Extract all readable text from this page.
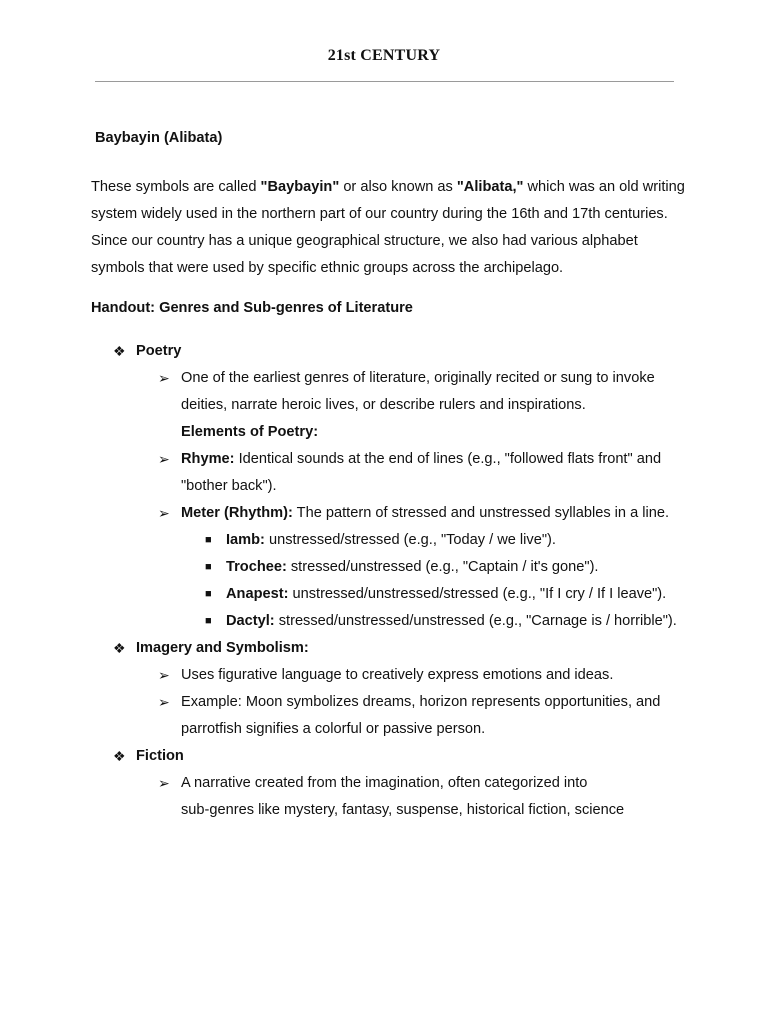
21st CENTURY
Baybayin (Alibata)
These symbols are called "Baybayin" or also known as "Alibata," which was an old writing system widely used in the northern part of our country during the 16th and 17th centuries. Since our country has a unique geographical structure, we also had various alphabet symbols that were used by specific ethnic groups across the archipelago.
Handout: Genres and Sub-genres of Literature
❖ Poetry
➢ One of the earliest genres of literature, originally recited or sung to invoke deities, narrate heroic lives, or describe rulers and inspirations.
Elements of Poetry:
➢ Rhyme: Identical sounds at the end of lines (e.g., "followed flats front" and "bother back").
➢ Meter (Rhythm): The pattern of stressed and unstressed syllables in a line.
■ Iamb: unstressed/stressed (e.g., "Today / we live").
■ Trochee: stressed/unstressed (e.g., "Captain / it's gone").
■ Anapest: unstressed/unstressed/stressed (e.g., "If I cry / If I leave").
■ Dactyl: stressed/unstressed/unstressed (e.g., "Carnage is / horrible").
❖ Imagery and Symbolism:
➢ Uses figurative language to creatively express emotions and ideas.
➢ Example: Moon symbolizes dreams, horizon represents opportunities, and parrotfish signifies a colorful or passive person.
❖ Fiction
➢ A narrative created from the imagination, often categorized into
sub-genres like mystery, fantasy, suspense, historical fiction, science
